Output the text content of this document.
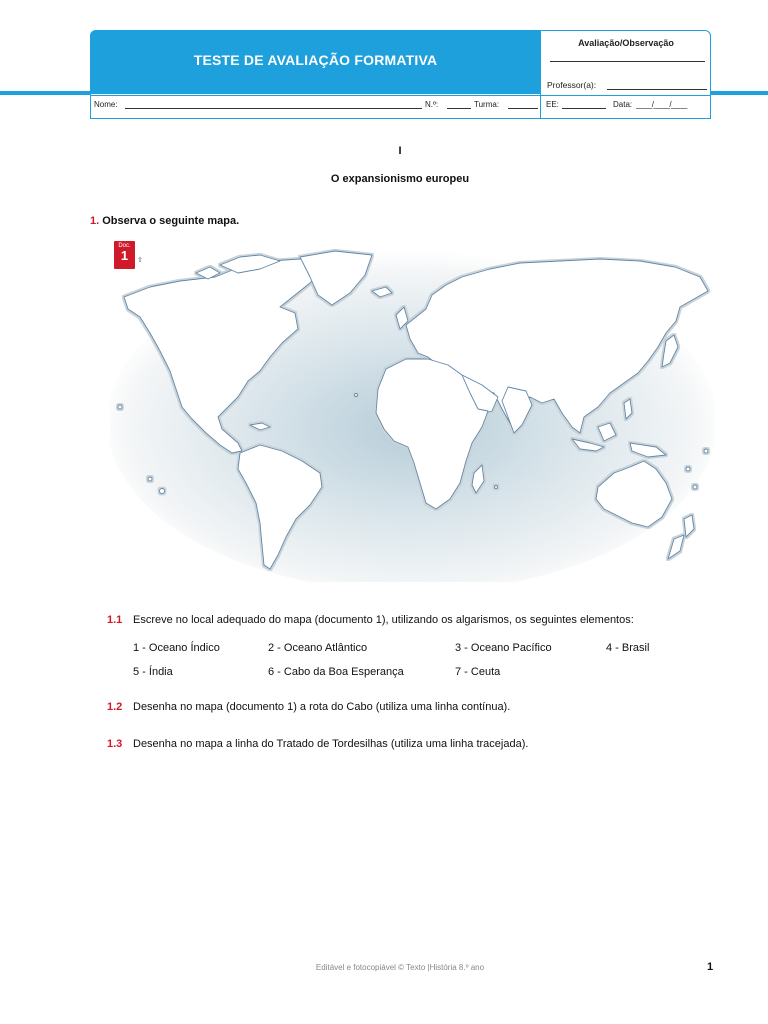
TESTE DE AVALIAÇÃO FORMATIVA
Avaliação/Observação
Professor(a):
Nome:	N.º:	Turma:	EE:	Data: ____/____/____
I
O expansionismo europeu
1. Observa o seguinte mapa.
Doc.
1	⇧
1.1 Escreve no local adequado do mapa (documento 1), utilizando os algarismos, os seguintes elementos:
1 - Oceano Índico	2 - Oceano Atlântico	3 - Oceano Pacífico	4 - Brasil
5 - Índia	6 - Cabo da Boa Esperança	7 - Ceuta
1.2 Desenha no mapa (documento 1) a rota do Cabo (utiliza uma linha contínua).
1.3 Desenha no mapa a linha do Tratado de Tordesilhas (utiliza uma linha tracejada).
Editável e fotocopiável © Texto |História 8.º ano	1
